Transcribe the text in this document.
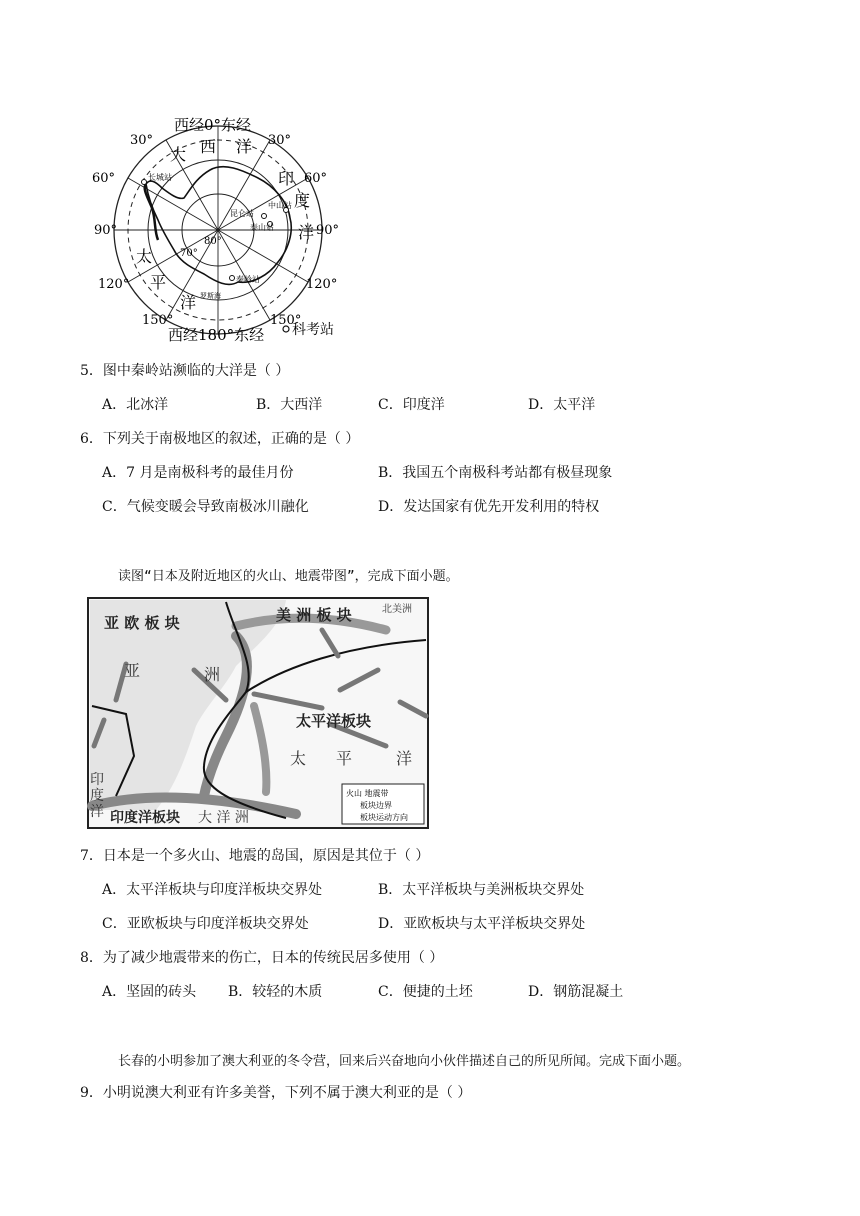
西经0°东经
西经180°东经
30°	30°
60°	60°
90°	90°
120°	120°
150°	150°
大 西 洋
印
度
洋
太
平
洋
80°
70°
长城站
昆仑站
中山站
泰山站
秦岭站
罗斯海
科考站
5．图中秦岭站濒临的大洋是（ ）
A．北冰洋	B．大西洋	C．印度洋	D．太平洋
6．下列关于南极地区的叙述，正确的是（ ）
A．7 月是南极科考的最佳月份	B．我国五个南极科考站都有极昼现象
C．气候变暖会导致南极冰川融化	D．发达国家有优先开发利用的特权
读图“日本及附近地区的火山、地震带图”，完成下面小题。
火山 地震带
板块边界
板块运动方向
亚 欧 板 块
亚	洲
美 洲 板 块	北美洲
太平洋板块
太 平	洋
印
度
洋 印度洋板块 大 洋 洲
7．日本是一个多火山、地震的岛国，原因是其位于（ ）
A．太平洋板块与印度洋板块交界处	B．太平洋板块与美洲板块交界处
C．亚欧板块与印度洋板块交界处	D．亚欧板块与太平洋板块交界处
8．为了减少地震带来的伤亡，日本的传统民居多使用（ ）
A．坚固的砖头 B．较轻的木质	C．便捷的土坯	D．钢筋混凝土
长春的小明参加了澳大利亚的冬令营，回来后兴奋地向小伙伴描述自己的所见所闻。完成下面小题。
9．小明说澳大利亚有许多美誉，下列不属于澳大利亚的是（ ）
